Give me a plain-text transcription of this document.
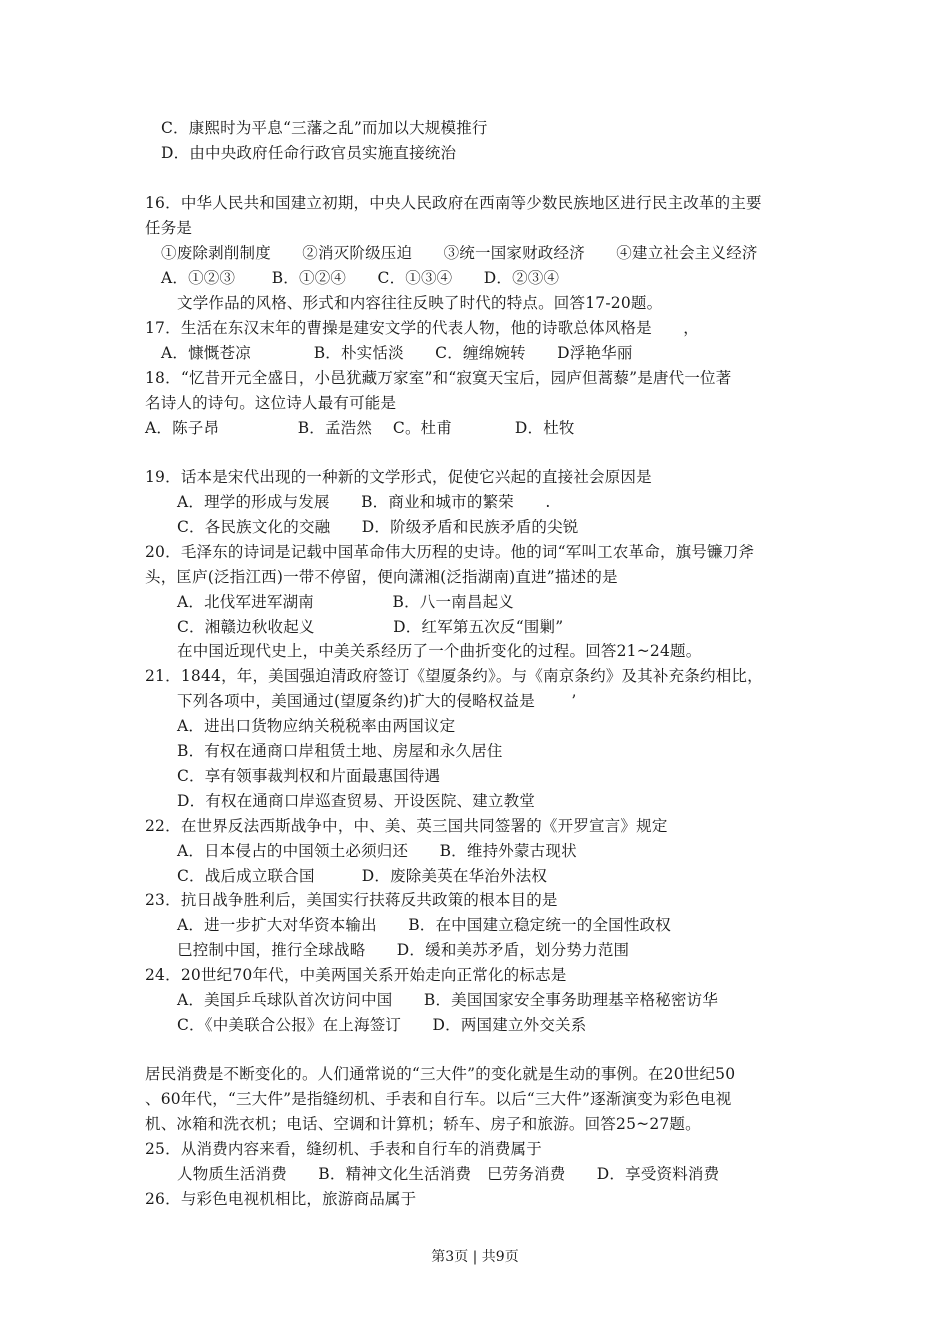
C．康熙时为平息“三藩之乱”而加以大规模推行
D．由中央政府任命行政官员实施直接统治
16．中华人民共和国建立初期，中央人民政府在西南等少数民族地区进行民主改革的主要
任务是
①废除剥削制度　　②消灭阶级压迫　　③统一国家财政经济　　④建立社会主义经济
A．①②③　　 B．①②④　　C．①③④　　D．②③④
文学作品的风格、形式和内容往往反映了时代的特点。回答17-20题。
17．生活在东汉末年的曹操是建安文学的代表人物，他的诗歌总体风格是　　，
A．慷慨苍凉　　　　B．朴实恬淡　　C．缠绵婉转　　D浮艳华丽
18．“忆昔开元全盛日，小邑犹藏万家室”和“寂寞天宝后，园庐但蒿藜”是唐代一位著
名诗人的诗句。这位诗人最有可能是
A．陈子昂　　　　　B．孟浩然　 C。杜甫　　　　D．杜牧
19．话本是宋代出现的一种新的文学形式，促使它兴起的直接社会原因是
A．理学的形成与发展　　B．商业和城市的繁荣　　.
C．各民族文化的交融　　D．阶级矛盾和民族矛盾的尖锐
20．毛泽东的诗词是记载中国革命伟大历程的史诗。他的词“军叫工农革命，旗号镰刀斧
头，匡庐(泛指江西)一带不停留，便向潇湘(泛指湖南)直进”描述的是
A．北伐军进军湖南　　　　　B．八一南昌起义
C．湘赣边秋收起义　　　　　D．红军第五次反“围剿”
在中国近现代史上，中美关系经历了一个曲折变化的过程。回答21~24题。
21．1844，年，美国强迫清政府签订《望厦条约》。与《南京条约》及其补充条约相比，
下列各项中，美国通过(望厦条约)扩大的侵略权益是　　 ’
A．进出口货物应纳关税税率由两国议定
B．有权在通商口岸租赁土地、房屋和永久居住
C．享有领事裁判权和片面最惠国待遇
D．有权在通商口岸巡查贸易、开设医院、建立教堂
22．在世界反法西斯战争中，中、美、英三国共同签署的《开罗宣言》规定
A．日本侵占的中国领土必须归还　　B．维持外蒙古现状
C．战后成立联合国　　　D．废除美英在华治外法权
23．抗日战争胜利后，美国实行扶蒋反共政策的根本目的是
A．进一步扩大对华资本输出　　B．在中国建立稳定统一的全国性政权
巳控制中国，推行全球战略　　D．缓和美苏矛盾，划分势力范围
24．20世纪70年代，中美两国关系开始走向正常化的标志是
A．美国乒乓球队首次访问中国　　B．美国国家安全事务助理基辛格秘密访华
C．《中美联合公报》在上海签订　　D．两国建立外交关系
居民消费是不断变化的。人们通常说的“三大件”的变化就是生动的事例。在20世纪50
、60年代，“三大件”是指缝纫机、手表和自行车。以后“三大件”逐渐演变为彩色电视
机、冰箱和洗衣机；电话、空调和计算机；轿车、房子和旅游。回答25~27题。
25．从消费内容来看，缝纫机、手表和自行车的消费属于
人物质生活消费　　B．精神文化生活消费　巳劳务消费　　D．享受资料消费
26．与彩色电视机相比，旅游商品属于
第3页 | 共9页
